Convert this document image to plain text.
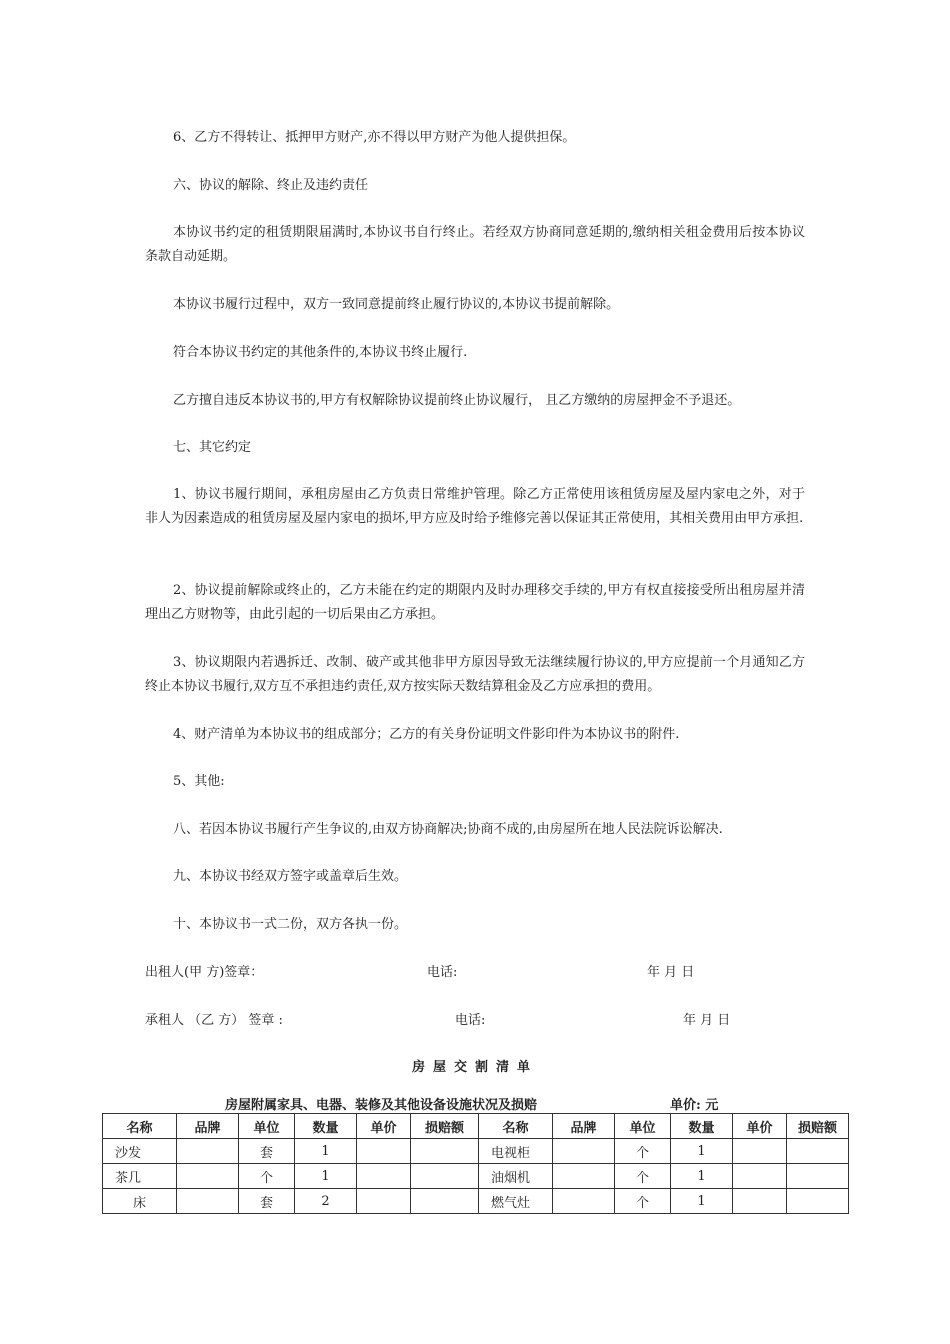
6、乙方不得转让、抵押甲方财产,亦不得以甲方财产为他人提供担保。
六、协议的解除、终止及违约责任
本协议书约定的租赁期限届满时,本协议书自行终止。若经双方协商同意延期的,缴纳相关租金费用后按本协议条款自动延期。
本协议书履行过程中，双方一致同意提前终止履行协议的,本协议书提前解除。
符合本协议书约定的其他条件的,本协议书终止履行.
乙方擅自违反本协议书的,甲方有权解除协议提前终止协议履行， 且乙方缴纳的房屋押金不予退还。
七、其它约定
1、协议书履行期间，承租房屋由乙方负责日常维护管理。除乙方正常使用该租赁房屋及屋内家电之外，对于非人为因素造成的租赁房屋及屋内家电的损坏,甲方应及时给予维修完善以保证其正常使用，其相关费用由甲方承担.
2、协议提前解除或终止的，乙方未能在约定的期限内及时办理移交手续的,甲方有权直接接受所出租房屋并清理出乙方财物等，由此引起的一切后果由乙方承担。
3、协议期限内若遇拆迁、改制、破产或其他非甲方原因导致无法继续履行协议的,甲方应提前一个月通知乙方终止本协议书履行,双方互不承担违约责任,双方按实际天数结算租金及乙方应承担的费用。
4、财产清单为本协议书的组成部分；乙方的有关身份证明文件影印件为本协议书的附件.
5、其他:
八、若因本协议书履行产生争议的,由双方协商解决;协商不成的,由房屋所在地人民法院诉讼解决.
九、本协议书经双方签字或盖章后生效。
十、本协议书一式二份，双方各执一份。
出租人(甲 方)签章：	电话:	年 月 日
承租人 （乙 方） 签章 :	电话:	年 月 日
房屋交割清单
房屋附属家具、电器、装修及其他设备设施状况及损赔	单价: 元
名称	品牌	单位	数量	单价	损赔额	名称	品牌	单位	数量	单价	损赔额
沙发		套	1			电视柜		个	1		
茶几		个	1			油烟机		个	1		
床		套	2			燃气灶		个	1		
